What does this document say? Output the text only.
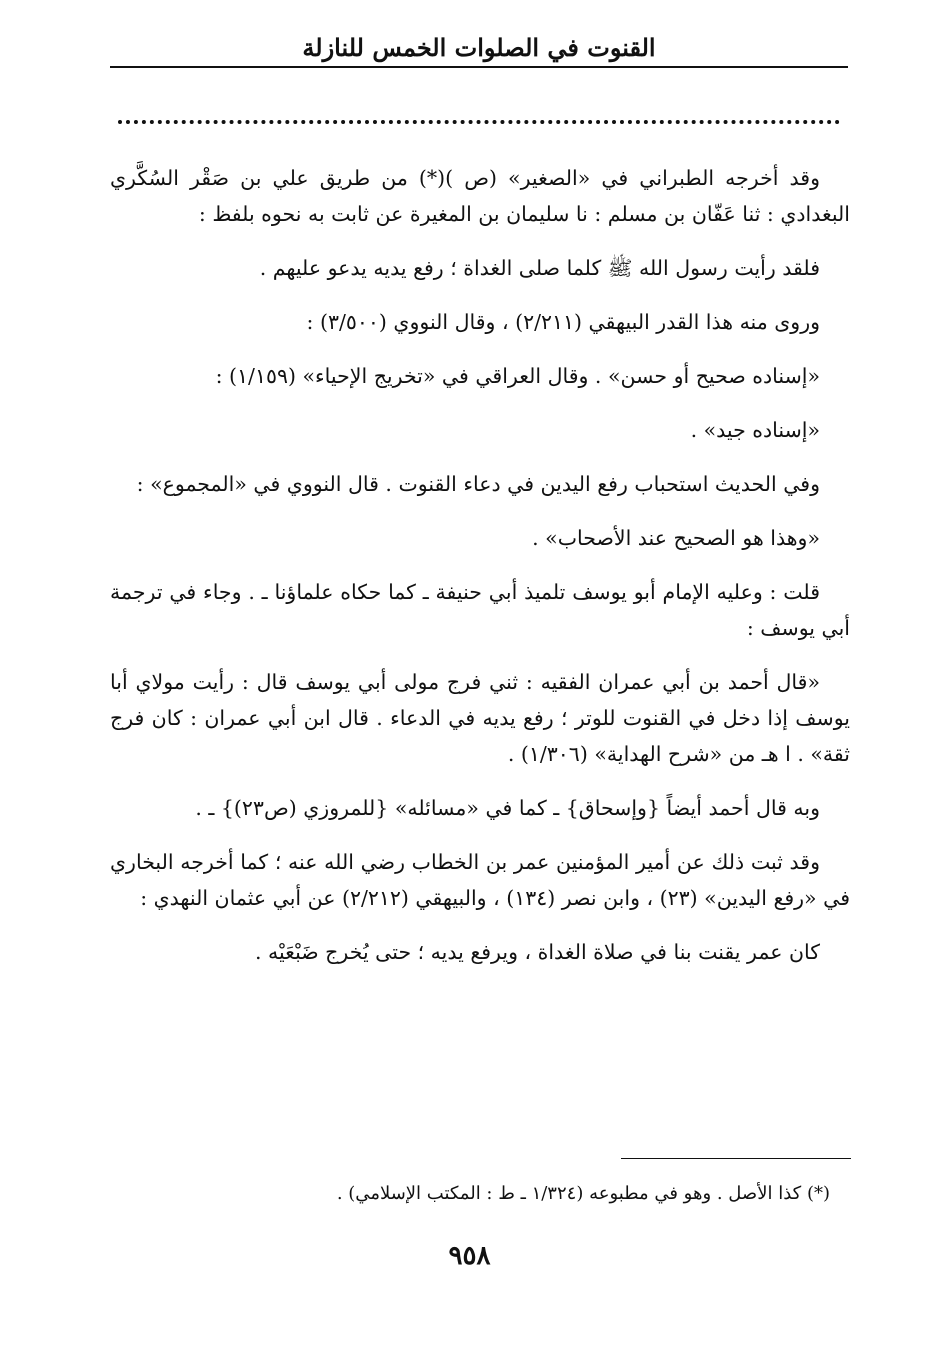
القنوت في الصلوات الخمس للنازلة

وقد أخرجه الطبراني في «الصغير» (ص )(*) من طريق علي بن صَقْر السُكَّري البغدادي : ثنا عَفّان بن مسلم : نا سليمان بن المغيرة عن ثابت به نحوه بلفظ :

فلقد رأيت رسول الله ﷺ كلما صلى الغداة ؛ رفع يديه يدعو عليهم .

وروى منه هذا القدر البيهقي (٢/٢١١) ، وقال النووي (٣/٥٠٠) :

«إسناده صحيح أو حسن» . وقال العراقي في «تخريج الإحياء» (١/١٥٩) :

«إسناده جيد» .

وفي الحديث استحباب رفع اليدين في دعاء القنوت . قال النووي في «المجموع» :

«وهذا هو الصحيح عند الأصحاب» .

قلت : وعليه الإمام أبو يوسف تلميذ أبي حنيفة ـ كما حكاه علماؤنا ـ . وجاء في ترجمة أبي يوسف :

«قال أحمد بن أبي عمران الفقيه : ثني فرج مولى أبي يوسف قال : رأيت مولاي أبا يوسف إذا دخل في القنوت للوتر ؛ رفع يديه في الدعاء . قال ابن أبي عمران : كان فرج ثقة» . ا هـ من «شرح الهداية» (١/٣٠٦) .

وبه قال أحمد أيضاً {وإسحاق} ـ كما في «مسائله» {للمروزي (ص٢٣)} ـ .

وقد ثبت ذلك عن أمير المؤمنين عمر بن الخطاب رضي الله عنه ؛ كما أخرجه البخاري في «رفع اليدين» (٢٣) ، وابن نصر (١٣٤) ، والبيهقي (٢/٢١٢) عن أبي عثمان النهدي :

كان عمر يقنت بنا في صلاة الغداة ، ويرفع يديه ؛ حتى يُخرج ضَبْعَيْه .

(*) كذا الأصل . وهو في مطبوعه (١/٣٢٤ ـ ط : المكتب الإسلامي) .
٩٥٨
